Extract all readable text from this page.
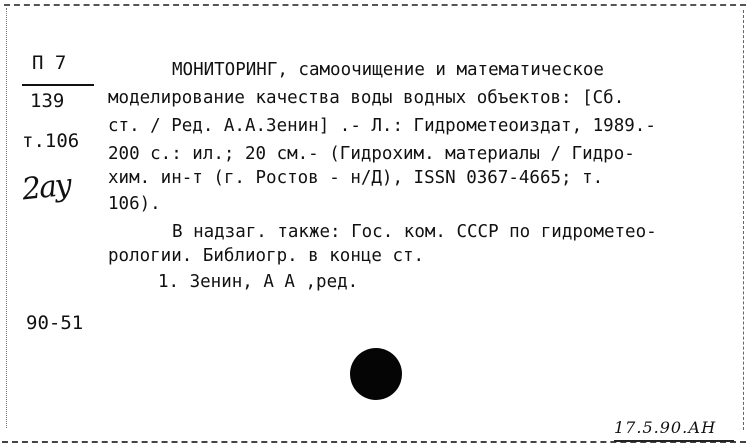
П 7
139
т.106
2ау
90-51
МОНИТОРИНГ, самоочищение и математическое
моделирование качества воды водных объектов: [Сб.
ст. / Ред. А.А.Зенин] .- Л.: Гидрометеоиздат, 1989.-
200 с.: ил.; 20 см.- (Гидрохим. материалы / Гидро-
хим. ин-т (г. Ростов - н/Д), ISSN 0367-4665; т.
106).
В надзаг. также: Гос. ком. СССР по гидрометео-
рологии. Библиогр. в конце ст.
1. Зенин, А А ,ред.
17.5.90.АН
